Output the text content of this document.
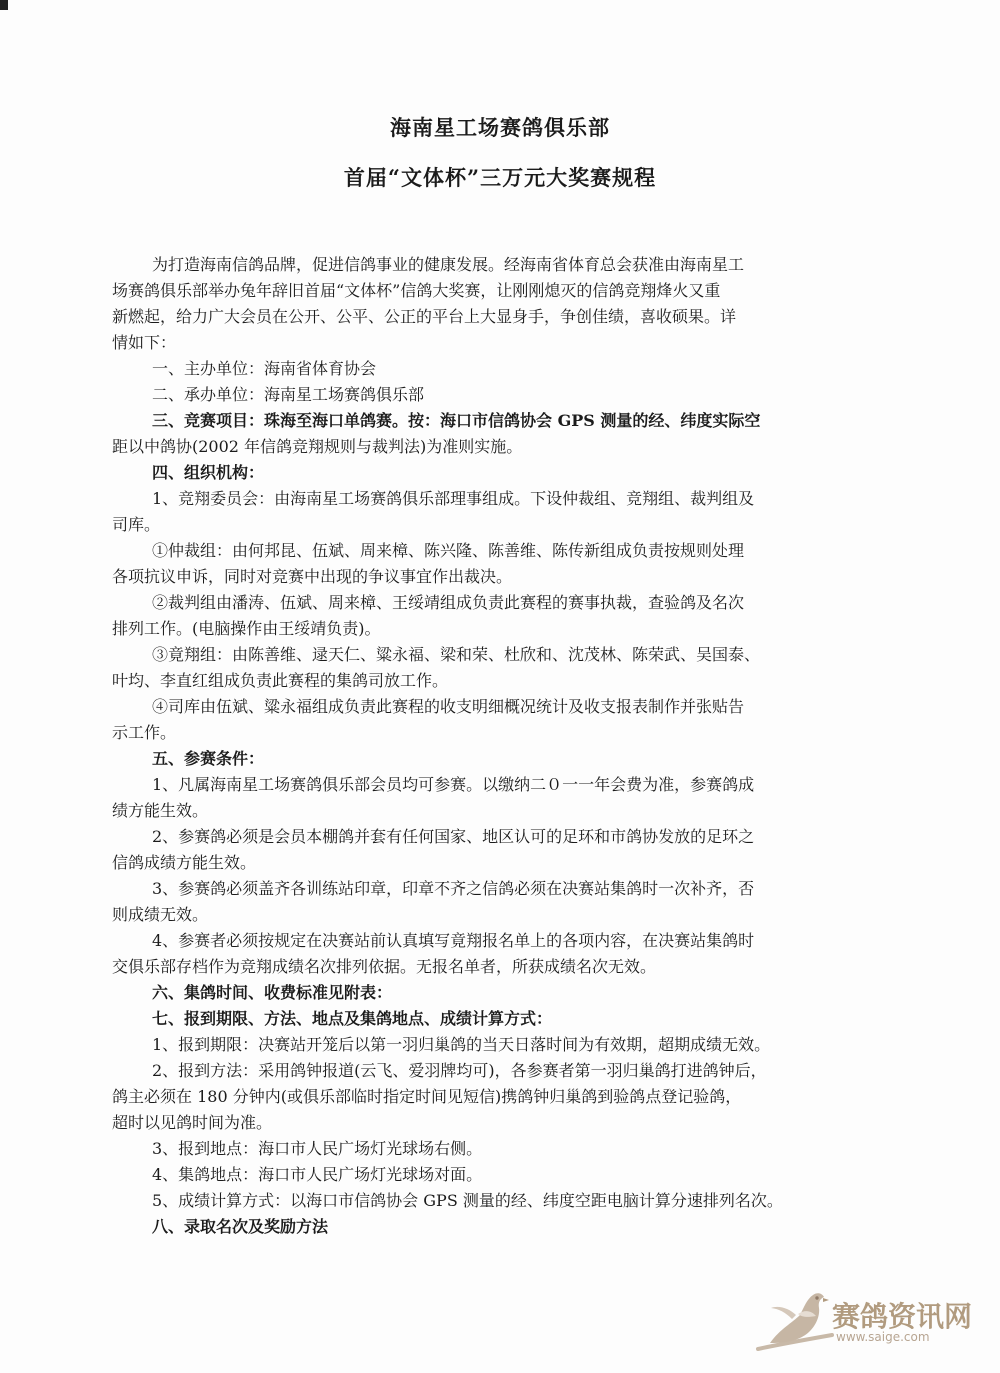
海南星工场赛鸽俱乐部
首届“文体杯”三万元大奖赛规程
为打造海南信鸽品牌，促进信鸽事业的健康发展。经海南省体育总会获准由海南星工
场赛鸽俱乐部举办兔年辞旧首届“文体杯”信鸽大奖赛，让刚刚熄灭的信鸽竞翔烽火又重
新燃起，给力广大会员在公开、公平、公正的平台上大显身手，争创佳绩，喜收硕果。详
情如下：
一、主办单位：海南省体育协会
二、承办单位：海南星工场赛鸽俱乐部
三、竞赛项目：珠海至海口单鸽赛。按：海口市信鸽协会 GPS 测量的经、纬度实际空
距以中鸽协(2002 年信鸽竞翔规则与裁判法)为准则实施。
四、组织机构：
1、竞翔委员会：由海南星工场赛鸽俱乐部理事组成。下设仲裁组、竞翔组、裁判组及
司库。
①仲裁组：由何邦昆、伍斌、周来樟、陈兴隆、陈善维、陈传新组成负责按规则处理
各项抗议申诉，同时对竞赛中出现的争议事宜作出裁决。
②裁判组由潘涛、伍斌、周来樟、王绥靖组成负责此赛程的赛事执裁，查验鸽及名次
排列工作。(电脑操作由王绥靖负责)。
③竟翔组：由陈善维、逯天仁、粱永福、梁和荣、杜欣和、沈茂林、陈荣武、吴国泰、
叶均、李直红组成负责此赛程的集鸽司放工作。
④司库由伍斌、粱永福组成负责此赛程的收支明细概况统计及收支报表制作并张贴告
示工作。
五、参赛条件：
1、凡属海南星工场赛鸽俱乐部会员均可参赛。以缴纳二０一一年会费为准，参赛鸽成
绩方能生效。
2、参赛鸽必须是会员本棚鸽并套有任何国家、地区认可的足环和市鸽协发放的足环之
信鸽成绩方能生效。
3、参赛鸽必须盖齐各训练站印章，印章不齐之信鸽必须在决赛站集鸽时一次补齐，否
则成绩无效。
4、参赛者必须按规定在决赛站前认真填写竟翔报名单上的各项内容，在决赛站集鸽时
交俱乐部存档作为竞翔成绩名次排列依据。无报名单者，所获成绩名次无效。
六、集鸽时间、收费标准见附表：
七、报到期限、方法、地点及集鸽地点、成绩计算方式：
1、报到期限：决赛站开笼后以第一羽归巢鸽的当天日落时间为有效期，超期成绩无效。
2、报到方法：采用鸽钟报道(云飞、爱羽牌均可)，各参赛者第一羽归巢鸽打进鸽钟后，
鸽主必须在 180 分钟内(或俱乐部临时指定时间见短信)携鸽钟归巢鸽到验鸽点登记验鸽，
超时以见鸽时间为准。
3、报到地点：海口市人民广场灯光球场右侧。
4、集鸽地点：海口市人民广场灯光球场对面。
5、成绩计算方式：以海口市信鸽协会 GPS 测量的经、纬度空距电脑计算分速排列名次。
八、录取名次及奖励方法
赛鸽资讯网
www.saige.com
